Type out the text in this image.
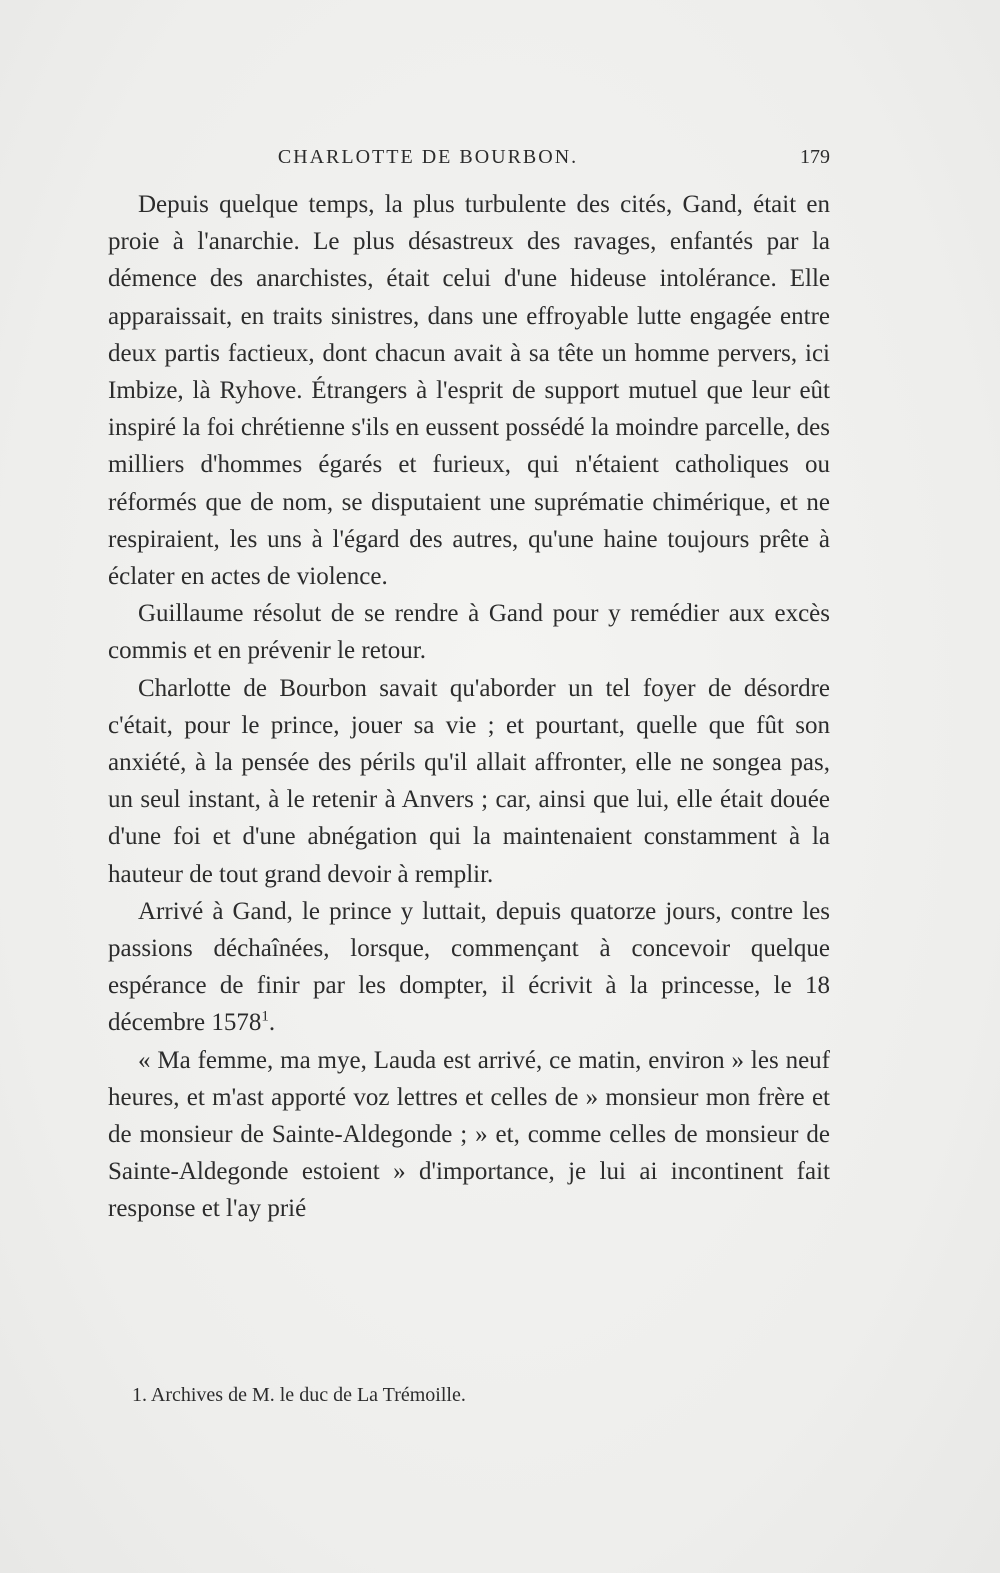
CHARLOTTE DE BOURBON.	179

Depuis quelque temps, la plus turbulente des cités, Gand, était en proie à l'anarchie. Le plus désastreux des ravages, enfantés par la démence des anarchistes, était celui d'une hideuse intolérance. Elle apparaissait, en traits sinistres, dans une effroyable lutte engagée entre deux partis factieux, dont chacun avait à sa tête un homme pervers, ici Imbize, là Ryhove. Étrangers à l'esprit de support mutuel que leur eût inspiré la foi chrétienne s'ils en eussent possédé la moindre parcelle, des milliers d'hommes égarés et furieux, qui n'étaient catholiques ou réformés que de nom, se disputaient une suprématie chimérique, et ne respiraient, les uns à l'égard des autres, qu'une haine toujours prête à éclater en actes de violence.

Guillaume résolut de se rendre à Gand pour y remédier aux excès commis et en prévenir le retour.

Charlotte de Bourbon savait qu'aborder un tel foyer de désordre c'était, pour le prince, jouer sa vie ; et pourtant, quelle que fût son anxiété, à la pensée des périls qu'il allait affronter, elle ne songea pas, un seul instant, à le retenir à Anvers ; car, ainsi que lui, elle était douée d'une foi et d'une abnégation qui la maintenaient constamment à la hauteur de tout grand devoir à remplir.

Arrivé à Gand, le prince y luttait, depuis quatorze jours, contre les passions déchaînées, lorsque, commençant à concevoir quelque espérance de finir par les dompter, il écrivit à la princesse, le 18 décembre 1578$^1$.

« Ma femme, ma mye, Lauda est arrivé, ce matin, environ » les neuf heures, et m'ast apporté voz lettres et celles de » monsieur mon frère et de monsieur de Sainte-Aldegonde ; » et, comme celles de monsieur de Sainte-Aldegonde estoient » d'importance, je lui ai incontinent fait response et l'ay prié

1. Archives de M. le duc de La Trémoille.
